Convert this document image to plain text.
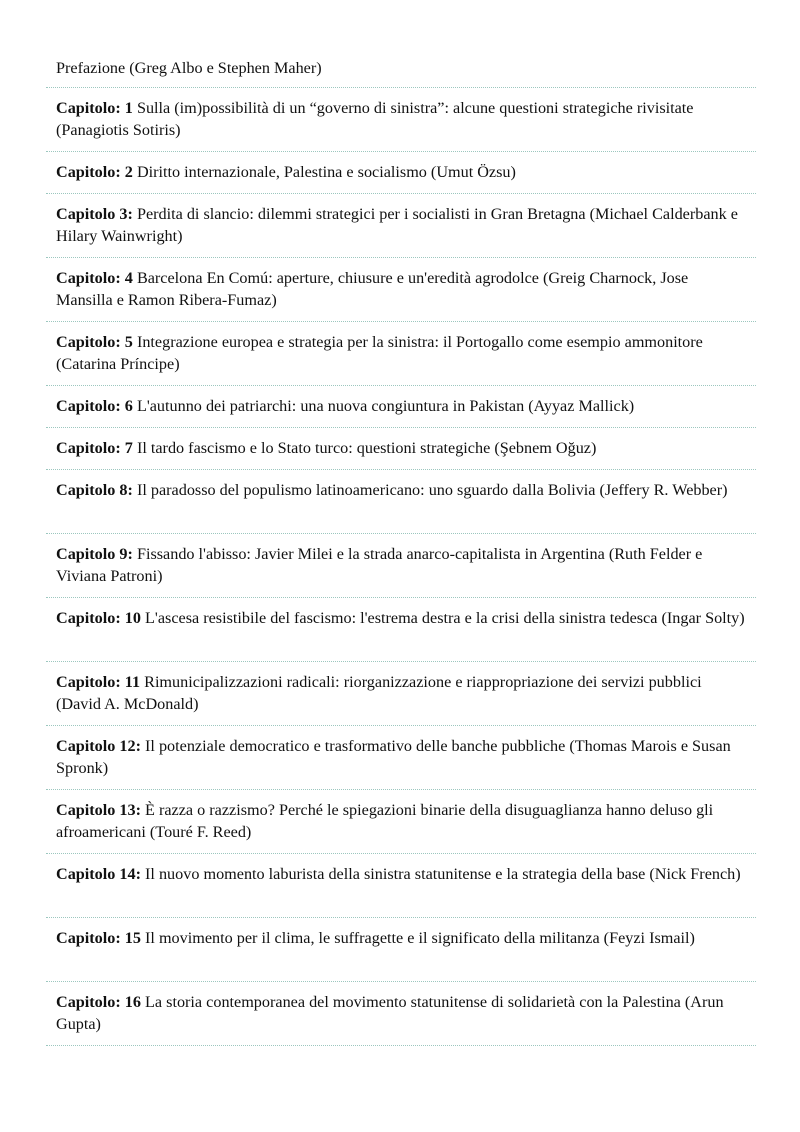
Prefazione (Greg Albo e Stephen Maher)
Capitolo: 1 Sulla (im)possibilità di un “governo di sinistra”: alcune questioni strategiche rivisitate (Panagiotis Sotiris)
Capitolo: 2 Diritto internazionale, Palestina e socialismo (Umut Özsu)
Capitolo 3: Perdita di slancio: dilemmi strategici per i socialisti in Gran Bretagna (Michael Calderbank e Hilary Wainwright)
Capitolo: 4 Barcelona En Comú: aperture, chiusure e un'eredità agrodolce (Greig Charnock, Jose Mansilla e Ramon Ribera-Fumaz)
Capitolo: 5 Integrazione europea e strategia per la sinistra: il Portogallo come esempio ammonitore (Catarina Príncipe)
Capitolo: 6 L'autunno dei patriarchi: una nuova congiuntura in Pakistan (Ayyaz Mallick)
Capitolo: 7 Il tardo fascismo e lo Stato turco: questioni strategiche (Şebnem Oğuz)
Capitolo 8: Il paradosso del populismo latinoamericano: uno sguardo dalla Bolivia (Jeffery R. Webber)
Capitolo 9: Fissando l'abisso: Javier Milei e la strada anarco-capitalista in Argentina (Ruth Felder e Viviana Patroni)
Capitolo: 10 L'ascesa resistibile del fascismo: l'estrema destra e la crisi della sinistra tedesca (Ingar Solty)
Capitolo: 11 Rimunicipalizzazioni radicali: riorganizzazione e riappropriazione dei servizi pubblici (David A. McDonald)
Capitolo 12: Il potenziale democratico e trasformativo delle banche pubbliche (Thomas Marois e Susan Spronk)
Capitolo 13: È razza o razzismo? Perché le spiegazioni binarie della disuguaglianza hanno deluso gli afroamericani (Touré F. Reed)
Capitolo 14: Il nuovo momento laburista della sinistra statunitense e la strategia della base (Nick French)
Capitolo: 15 Il movimento per il clima, le suffragette e il significato della militanza (Feyzi Ismail)
Capitolo: 16 La storia contemporanea del movimento statunitense di solidarietà con la Palestina (Arun Gupta)
